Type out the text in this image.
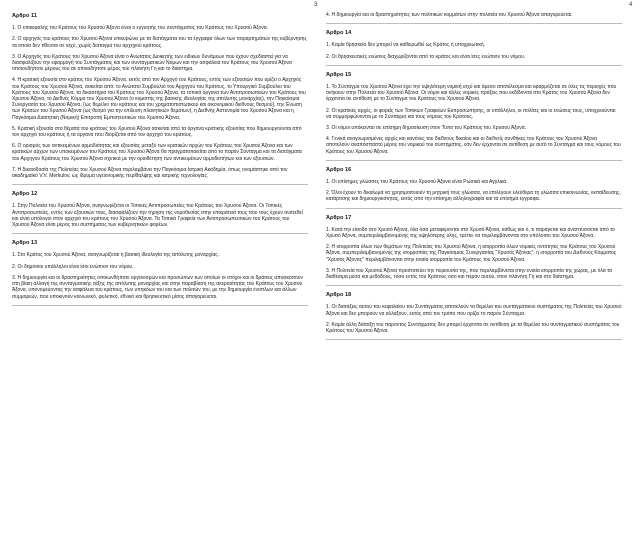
3	4
Άρθρο 11
1. Ο επικεφαλής του Κράτους του Χρυσού Άξονα είναι ο εγγυητής του συντάγματος του Κράτους του Χρυσού Άξονα.
2. Ο αρχηγός του κράτους του Χρυσού Άξονα επικυρώνει με τα διατάγματα του τα έγγραφα όλων των παραρτημάτων της κυβέρνησης τα οποία δεν τίθενται σε ισχύ, χωρίς διάταγμα του αρχηγού κράτους.
3. Ο Αρχηγός του Κράτους του Χρυσού Άξονα είναι ο Ανώτατος Διοικητής των ειδικών δυνάμεων που έχουν σχεδιαστεί για να διασφαλίζουν την εφαρμογή του Συντάγματος και των συνταγματικών Νόμων και την ασφάλεια του Κράτους του Χρυσού Άξονα οποιουδήποτε μέρους του σε οποιοδήποτε μέρος του πλανήτη Γη και το διάστημα.
4. Η κρατική εξουσία στο κράτος του Χρυσού Άξονα, εκτός από τον Αρχηγό του Κράτους, εντός των εξουσιών που ορίζει ο Αρχηγός του Κράτους του Χρυσού Άξονα, ασκείται από: το Ανώτατο Συμβούλιο του Αρχηγού του Κράτους, το Υπουργικό Συμβούλιο του Κράτους του Χρυσού Άξονα, τα δικαστήρια του Κράτους του Χρυσού Άξονα, τα τοπικά όργανα των Αντιπροσωπειών του Κράτους του Χρυσού Άξονα, το Διεθνές Κόμμα του Χρυσού Άξονα (ο κομιστής της βασικής ιδεολογίας της απόλυτης μοναρχίας), την Παγκόσμια Συνεργασία του Χρυσού Άξονα, (ως θεμέλιο του κράτους και του χρηματοπιστωτικού και οικονομικού διεθνούς θεσμού), την Ένωση των Κρατών του Χρυσού Άξονα (ως θεσμό για την επίλυση πλανητικών θεμάτων), η Διεθνής Αστυνομία του Χρυσού Άξονα και η Παγκόσμια Διαιτητική (Νομική) Επιτροπή Εμπιστευτικών του Χρυσού Άξονα.
5. Κρατική εξουσία στα θέματα του κράτους του Χρυσού Άξονα ασκείται από τα όργανα κρατικής εξουσίας που δημιουργούνται από τον αρχηγό του κράτους ή τα όργανα που διορίζεται από τον αρχηγό του κράτους.
6. Ο ορισμός των αντικειμένων αρμοδιότητας και εξουσίας μεταξύ των κρατικών αρχών του Κράτους του Χρυσού Άξονα και των κρατικών αρχών των υποκειμένων του Κράτους του Χρυσού Άξονα θα πραγματοποιείται από το παρόν Σύνταγμα και τα διατάγματα του Αρχηγού Κράτους του Χρυσού Άξονα σχετικά με την οριοθέτηση των αντικειμένων αρμοδιοτήτων και των εξουσιών.
7. Η δικαιοδοσία της Πολιτείας του Χρυσού Άξονα περιλαμβάνει την Παγκόσμια Ιατρική Ακαδημία, όπως ονομάστηκε από τον ακαδημαϊκό V.V. Merkulov, ως ίδρυμα υγειονομικής περίθαλψης και ιατρικής τεχνολογίας.
Άρθρο 12
1. Στην Πολιτεία του Χρυσού Άξονα, αναγνωρίζεται οι Τοπικές Αντιπροσωπείες του Κράτους του Χρυσού Άξονα. Οι Τοπικές Αντιπροσωπείες, εντός των εξουσιών τους, διασφαλίζουν την τήρηση της νομοθεσίας στην επικράτειά τους που τους έχουν ανατεθεί και είναι υπόλογοι στον αρχηγό του κράτους του Χρυσού Άξονα. Τα Τοπικά Γραφεία των Αντιπροσωπευτικών του Κράτους του Χρυσού Άξονα είναι μέρος του συστήματος των κυβερνητικών φορέων.
Άρθρο 13
1. Στο Κράτος του Χρυσού Άξονα, αναγνωρίζεται η βασική ιδεολογία της απόλυτης μοναρχίας.
2. Οι δημόσιοι υπάλληλοι είναι ίσοι ενώπιον του νόμου.
3. Η δημιουργία και οι δραστηριότητες οποιωνδήποτε οργανισμών και προσώπων των οποίων οι στόχοι και οι δράσεις αποσκοπούν στη βίαιη αλλαγή της συνταγματικής τάξης της απόλυτης μοναρχίας και στην παραβίαση της ακεραιότητας του Κράτους του Χρυσού Άξονα, υπονομεύοντας την ασφάλεια του κράτους, των υπηκόων του και των πολιτών του, με την δημιουργία ένοπλων και άλλων συμμοριών, που υποκινούν κοινωνικό, φυλετικό, εθνικό και θρησκευτικό μίσος απαγορεύεται.
4. Η δημιουργία και οι δραστηριότητες των πολιτικών κομμάτων στην πολιτεία του Χρυσού Άξονα απαγορεύεται.
Άρθρο 14
1. Καμία θρησκεία δεν μπορεί να καθιερωθεί ως Κράτος ή υποχρεωτική.
2. Οι θρησκευτικές ενώσεις διαχωρίζονται από το κράτος και είναι ίσες ενώπιον του νόμου.
Άρθρο 15
1. Το Σύνταγμα του Χρυσού Άξονα έχει την υψηλότερη νομική ισχύ και άμεσο αποτέλεσμα και εφαρμόζεται σε όλες τις περιοχές που ανήκουν στην Πολιτεία του Χρυσού Άξονα. Οι νόμοι και άλλες νομικές πράξεις που εκδίδονται στο Κράτος του Χρυσού Άξονα δεν έρχονται σε αντίθεση με το Σύνταγμα του Κράτους του Χρυσού Άξονα.
2. Οι κρατικές αρχές, οι φορείς των Τοπικών Γραφείων Εκπροσώπησης, οι υπάλληλοι, οι πολίτες και οι ενώσεις τους, υποχρεούνται να συμμορφώνονται με το Σύνταγμα και τους νόμους του Κράτους.
3. Οι νόμοι υπόκεινται σε επίσημη δημοσίευση στον Τύπο του Κράτους του Χρυσού Άξονα.
4. Γενικά αναγνωρισμένες αρχές και κανόνες του διεθνούς δικαίου και οι διεθνείς συνθήκες του Κράτους του Χρυσού Άξονα αποτελούν αναπόσπαστο μέρος του νομικού του συστήματος, εάν δεν έρχονται σε αντίθεση με αυτό το Σύνταγμα και τους νόμους του Κράτους του Χρυσού Άξονα.
Άρθρο 16
1. Οι επίσημες γλώσσες του Κράτους του Χρυσού Άξονα είναι Ρωσικά και Αγγλικά.
2. Όλοι έχουν το δικαίωμα να χρησιμοποιούν τη μητρική τους γλώσσα, να επιλέγουν ελεύθερα τη γλώσσα επικοινωνίας, εκπαίδευσης, κατάρτισης και δημιουργικότητας, εκτός από την επίσημη αλληλογραφία και τα επίσημα έγγραφα.
Άρθρο 17
1. Κατά την είσοδο στο Χρυσό Άξονα, όλα όσα μεταφέρονται στο Χρυσό Άξονα, καθώς και ό, τι παράγεται και αναπτύσσεται από το Χρυσό Άξονα, συμπεριλαμβανομένης της υψηλότερης ύλης, τρέπει να περιλαμβάνονται στο υπόλοιπο του Χρυσού Άξονα.
2. Η ισορροπία όλων των θεμάτων της Πολιτείας του Χρυσού Άξονα, η ισορροπία όλων νομικές οντότητες του Κράτους του Χρυσού Άξονα, συμπεριλαμβανομένης της ισορροπίας της Παγκόσμιας Συνεργασίας "Χρυσός Άξονας", η ισορροπία του Διεθνούς Κόμματος "Χρυσός Άξονας" περιλαμβάνονται στην ενιαία ισορροπία του Κράτους του Χρυσού Άξονα.
3. Η Πολιτεία του Χρυσού Άξονα προστατεύει την περιουσία της, που περιλαμβάνεται στην ενιαία ισορροπία της χώρας, με όλα τα διαθέσιμα μέσα και μεθόδους, τόσο εντός του Κράτους όσο και πέραν αυτού, στον πλανήτη Γη και στο διάστημα.
Άρθρο 18
1. Οι διατάξεις αυτού του κεφαλαίου του Συντάγματος αποτελούν τα θεμέλια του συνταγματικού συστήματος της Πολιτείας του Χρυσού Άξονα και δεν μπορούν να αλλάξουν, εκτός από τον τρόπο που ορίζει το παρόν Σύνταγμα.
2. Καμία άλλη διάταξη του παρόντος Συντάγματος δεν μπορεί έρχονται σε αντίθεση με τα θεμέλια του συνταγματικού συστήματος του Κράτους του Χρυσού Άξονα.
